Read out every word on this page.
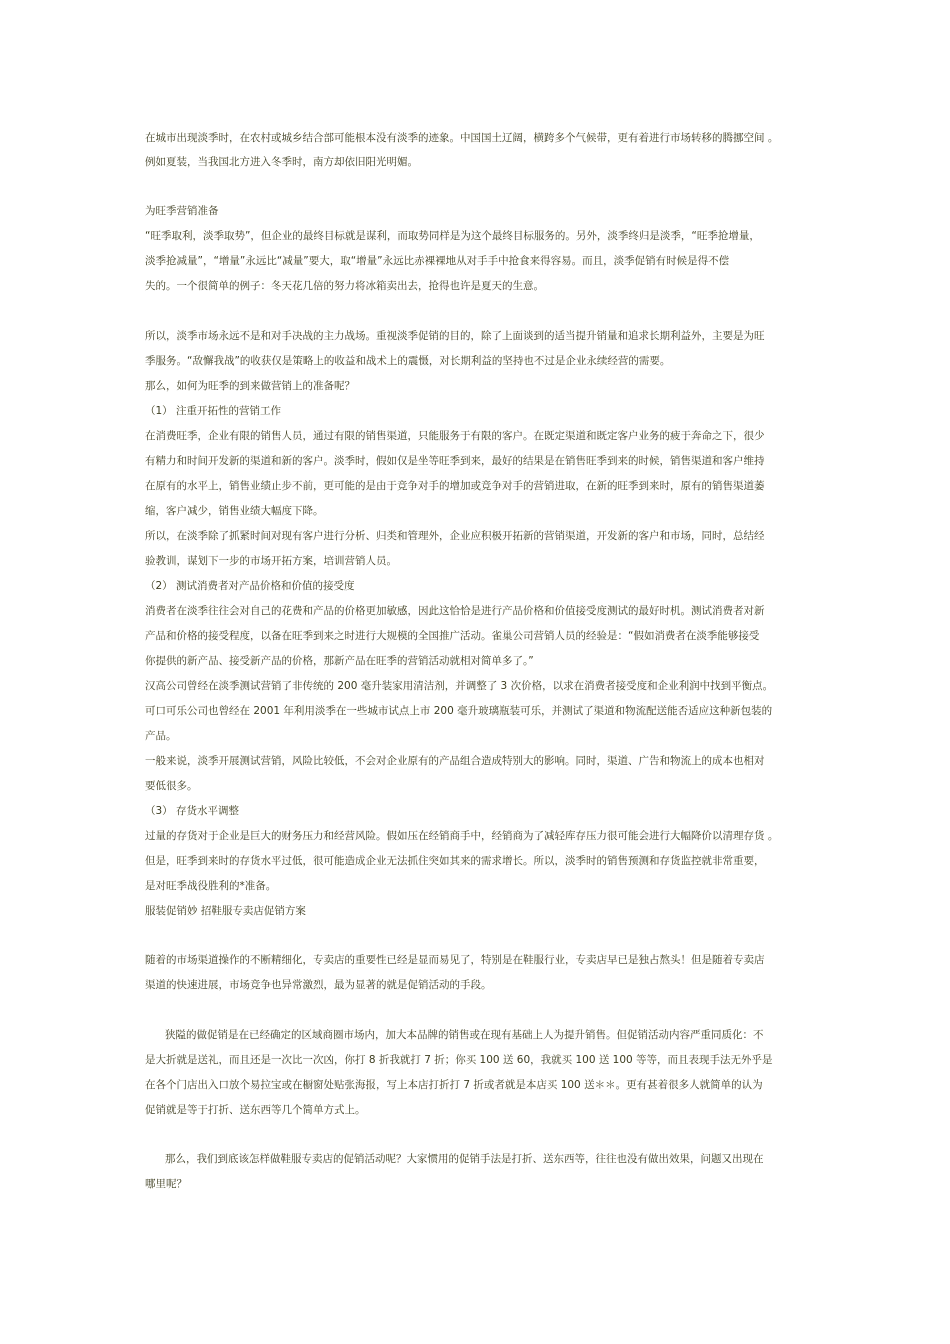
在城市出现淡季时，在农村或城乡结合部可能根本没有淡季的迹象。中国国土辽阔，横跨多个气候带，更有着进行市场转移的腾挪空间 。
例如夏装，当我国北方进入冬季时，南方却依旧阳光明媚。
为旺季营销准备
“旺季取利，淡季取势”，但企业的最终目标就是谋利，而取势同样是为这个最终目标服务的。另外，淡季终归是淡季，“旺季抢增量，
淡季抢减量”，“增量”永远比“减量”要大，取“增量”永远比赤裸裸地从对手手中抢食来得容易。而且，淡季促销有时候是得不偿
失的。一个很简单的例子：冬天花几倍的努力将冰箱卖出去，抢得也许是夏天的生意。
所以，淡季市场永远不是和对手决战的主力战场。重视淡季促销的目的，除了上面谈到的适当提升销量和追求长期利益外，主要是为旺
季服务。“敌懈我战”的收获仅是策略上的收益和战术上的震慑，对长期利益的坚持也不过是企业永续经营的需要。
那么，如何为旺季的到来做营销上的准备呢？
（1） 注重开拓性的营销工作
在消费旺季，企业有限的销售人员，通过有限的销售渠道，只能服务于有限的客户。在既定渠道和既定客户业务的疲于奔命之下，很少
有精力和时间开发新的渠道和新的客户。淡季时，假如仅是坐等旺季到来，最好的结果是在销售旺季到来的时候，销售渠道和客户维持
在原有的水平上，销售业绩止步不前，更可能的是由于竞争对手的增加或竞争对手的营销进取，在新的旺季到来时，原有的销售渠道萎
缩，客户减少，销售业绩大幅度下降。
所以，在淡季除了抓紧时间对现有客户进行分析、归类和管理外，企业应积极开拓新的营销渠道，开发新的客户和市场，同时，总结经
验教训，谋划下一步的市场开拓方案，培训营销人员。
（2） 测试消费者对产品价格和价值的接受度
消费者在淡季往往会对自己的花费和产品的价格更加敏感，因此这恰恰是进行产品价格和价值接受度测试的最好时机。测试消费者对新
产品和价格的接受程度，以备在旺季到来之时进行大规模的全国推广活动。雀巢公司营销人员的经验是：“假如消费者在淡季能够接受
你提供的新产品、接受新产品的价格，那新产品在旺季的营销活动就相对简单多了。”
汉高公司曾经在淡季测试营销了非传统的 200 毫升装家用清洁剂，并调整了 3 次价格，以求在消费者接受度和企业利润中找到平衡点。
可口可乐公司也曾经在 2001 年利用淡季在一些城市试点上市 200 毫升玻璃瓶装可乐，并测试了渠道和物流配送能否适应这种新包装的
产品。
一般来说，淡季开展测试营销，风险比较低，不会对企业原有的产品组合造成特别大的影响。同时，渠道、广告和物流上的成本也相对
要低很多。
（3） 存货水平调整
过量的存货对于企业是巨大的财务压力和经营风险。假如压在经销商手中，经销商为了减轻库存压力很可能会进行大幅降价以清理存货 。
但是，旺季到来时的存货水平过低，很可能造成企业无法抓住突如其来的需求增长。所以，淡季时的销售预测和存货监控就非常重要，
是对旺季战役胜利的*准备。
服装促销妙 招鞋服专卖店促销方案
随着的市场渠道操作的不断精细化，专卖店的重要性已经是显而易见了，特别是在鞋服行业，专卖店早已是独占熬头！但是随着专卖店
渠道的快速进展，市场竞争也异常激烈，最为显著的就是促销活动的手段。
狭隘的做促销是在已经确定的区域商圈市场内，加大本品牌的销售或在现有基础上人为提升销售。但促销活动内容严重同质化：不
是大折就是送礼，而且还是一次比一次凶，你打 8 折我就打 7 折；你买 100 送 60，我就买 100 送 100 等等，而且表现手法无外乎是
在各个门店出入口放个易拉宝或在橱窗处贴张海报，写上本店打折打 7 折或者就是本店买 100 送＊＊。更有甚着很多人就简单的认为
促销就是等于打折、送东西等几个简单方式上。
那么，我们到底该怎样做鞋服专卖店的促销活动呢？大家惯用的促销手法是打折、送东西等，往往也没有做出效果，问题又出现在
哪里呢？
